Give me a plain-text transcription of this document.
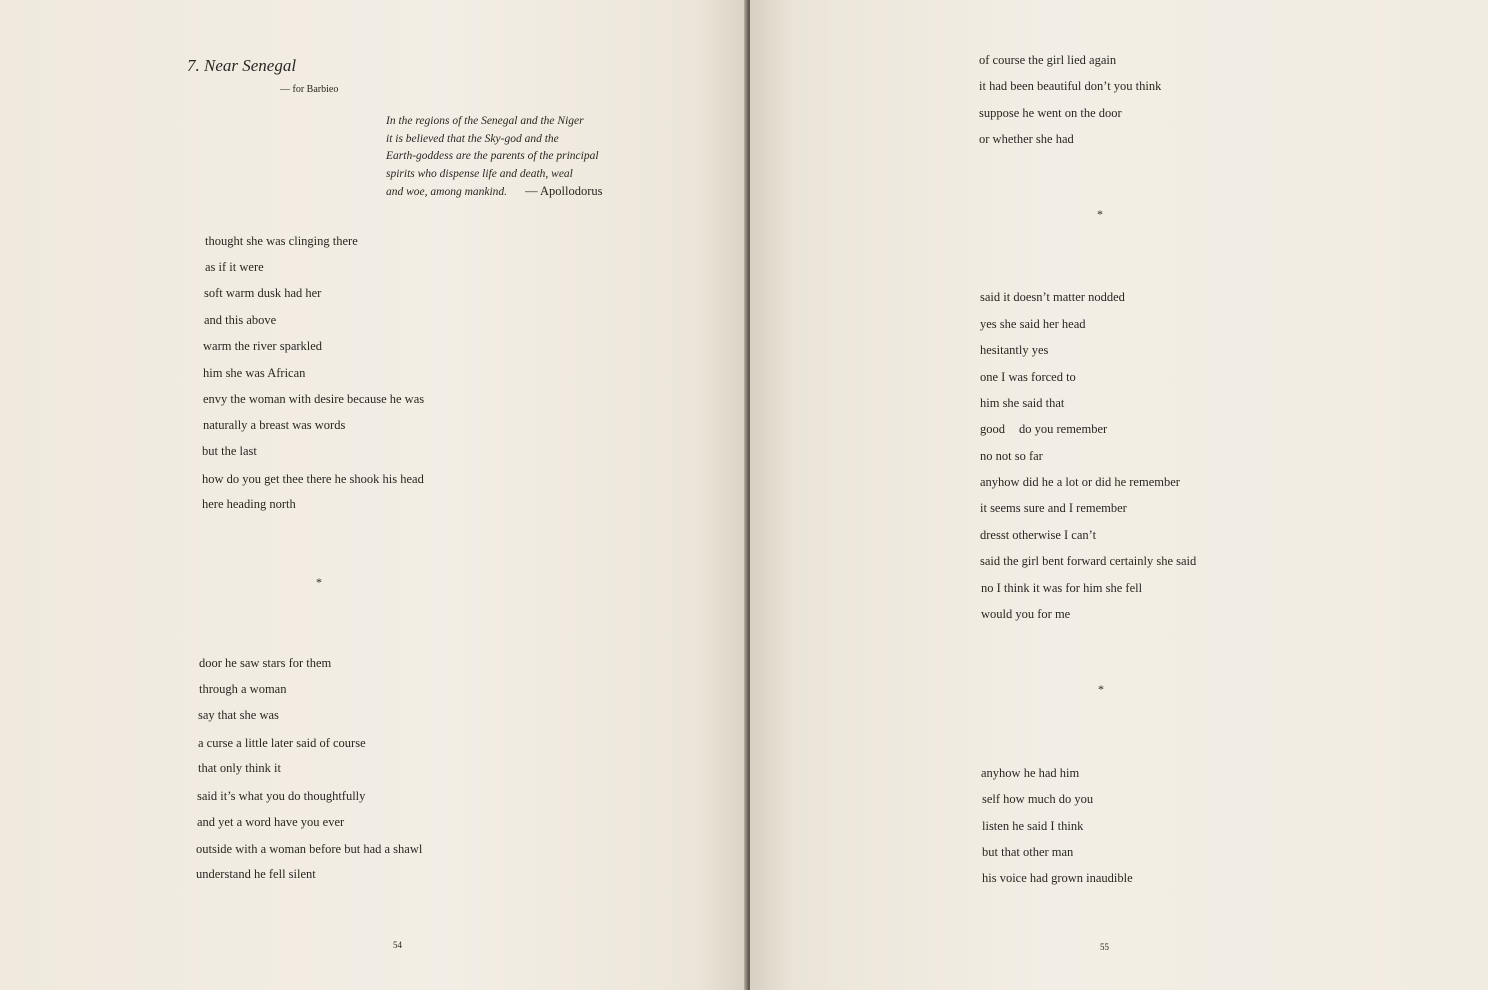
7. Near Senegal
— for Barbieo
In the regions of the Senegal and the Niger
it is believed that the Sky-god and the
Earth-goddess are the parents of the principal
spirits who dispense life and death, weal
and woe, among mankind. — Apollodorus
thought she was clinging there
as if it were
soft warm dusk had her
and this above
warm the river sparkled
him she was African
envy the woman with desire because he was
naturally a breast was words
but the last
how do you get thee there he shook his head
here heading north
*
door he saw stars for them
through a woman
say that she was
a curse a little later said of course
that only think it
said it’s what you do thoughtfully
and yet a word have you ever
outside with a woman before but had a shawl
understand he fell silent
54
of course the girl lied again
it had been beautiful don’t you think
suppose he went on the door
or whether she had
*
said it doesn’t matter nodded
yes she said her head
hesitantly yes
one I was forced to
him she said that
good do you remember
no not so far
anyhow did he a lot or did he remember
it seems sure and I remember
dresst otherwise I can’t
said the girl bent forward certainly she said
no I think it was for him she fell
would you for me
*
anyhow he had him
self how much do you
listen he said I think
but that other man
his voice had grown inaudible
55
